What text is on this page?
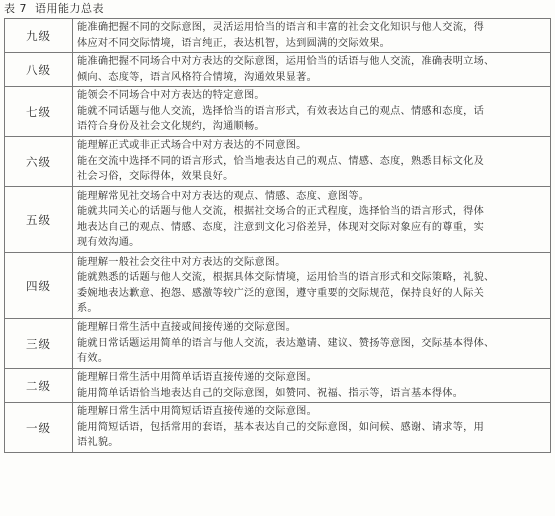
表 7 语用能力总表
九级	能准确把握不同的交际意图，灵活运用恰当的语言和丰富的社会文化知识与他人交流，得
体应对不同交际情境，语言纯正，表达机智，达到圆满的交际效果。

八级	能准确把握不同场合中对方表达的交际意图，运用恰当的话语与他人交流，准确表明立场、
倾向、态度等，语言风格符合情境，沟通效果显著。

七级	能领会不同场合中对方表达的特定意图。
能就不同话题与他人交流，选择恰当的语言形式，有效表达自己的观点、情感和态度，话
语符合身份及社会文化规约，沟通顺畅。

六级	能理解正式或非正式场合中对方表达的不同意图。
能在交流中选择不同的语言形式，恰当地表达自己的观点、情感、态度，熟悉目标文化及
社会习俗，交际得体，效果良好。

五级	能理解常见社交场合中对方表达的观点、情感、态度、意图等。
能就共同关心的话题与他人交流，根据社交场合的正式程度，选择恰当的语言形式，得体
地表达自己的观点、情感、态度，注意到文化习俗差异，体现对交际对象应有的尊重，实
现有效沟通。

四级	能理解一般社会交往中对方表达的交际意图。
能就熟悉的话题与他人交流，根据具体交际情境，运用恰当的语言形式和交际策略，礼貌、
委婉地表达歉意、抱怨、感激等较广泛的意图，遵守重要的交际规范，保持良好的人际关
系。

三级	能理解日常生活中直接或间接传递的交际意图。
能就日常话题运用简单的语言与他人交流，表达邀请、建议、赞扬等意图，交际基本得体、
有效。

二级	能理解日常生活中用简单话语直接传递的交际意图。
能用简单话语恰当地表达自己的交际意图，如赞同、祝福、指示等，语言基本得体。

一级	能理解日常生活中用简短话语直接传递的交际意图。
能用简短话语，包括常用的套语，基本表达自己的交际意图，如问候、感谢、请求等，用
语礼貌。
